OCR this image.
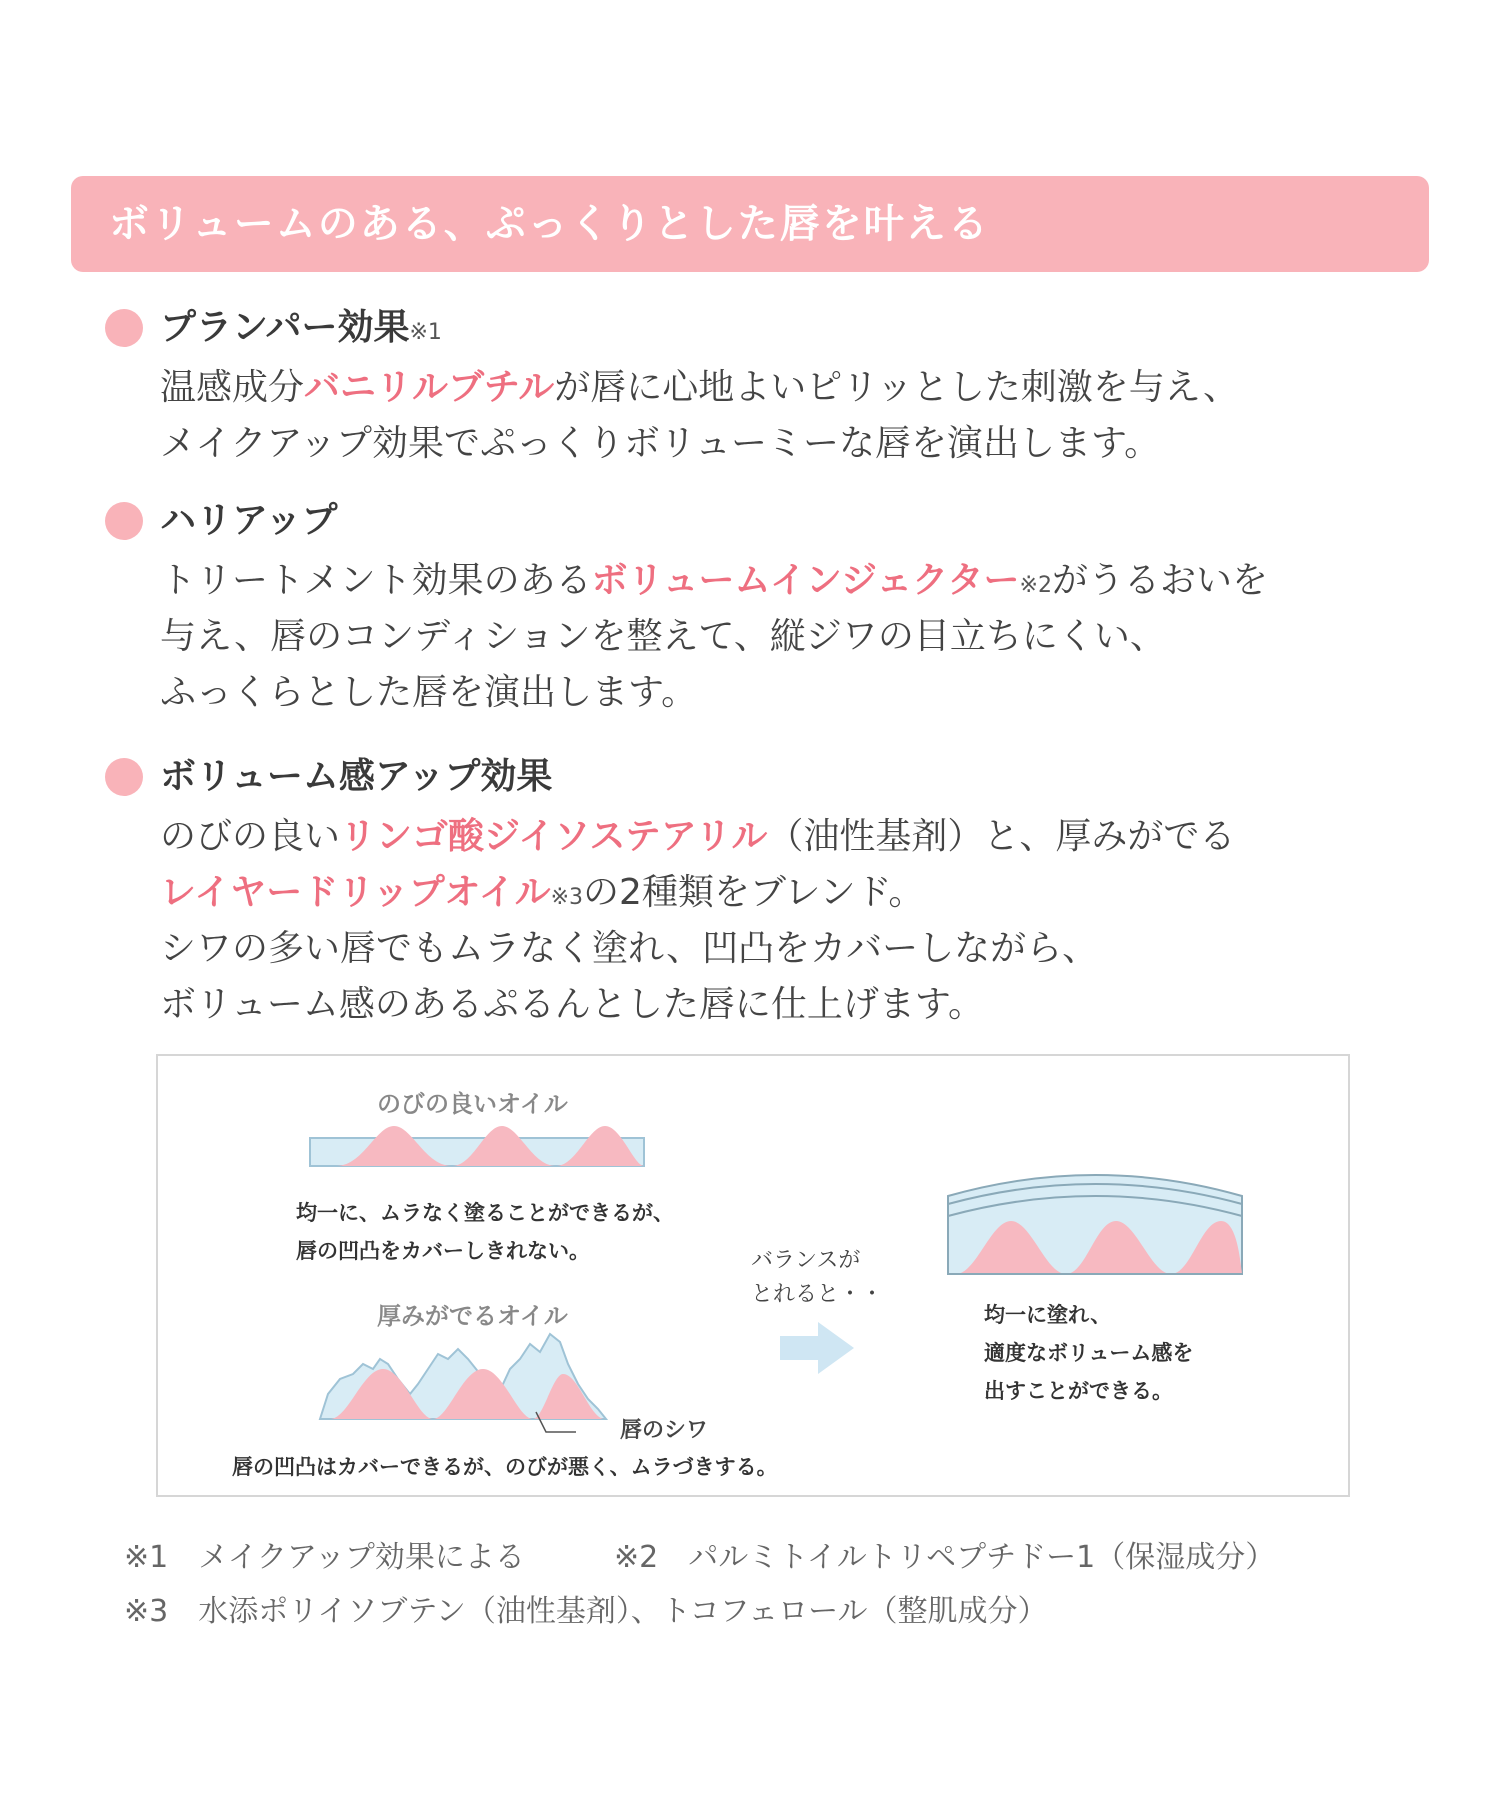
ボリュームのある、ぷっくりとした唇を叶える
プランパー効果※1
温感成分バニリルブチルが唇に心地よいピリッとした刺激を与え、
メイクアップ効果でぷっくりボリューミーな唇を演出します。
ハリアップ
トリートメント効果のあるボリュームインジェクター※2がうるおいを
与え、唇のコンディションを整えて、縦ジワの目立ちにくい、
ふっくらとした唇を演出します。
ボリューム感アップ効果
のびの良いリンゴ酸ジイソステアリル（油性基剤）と、厚みがでる
レイヤードリップオイル※3の2種類をブレンド。
シワの多い唇でもムラなく塗れ、凹凸をカバーしながら、
ボリューム感のあるぷるんとした唇に仕上げます。
のびの良いオイル
均一に、ムラなく塗ることができるが、
唇の凹凸をカバーしきれない。
厚みがでるオイル
唇のシワ
唇の凹凸はカバーできるが、のびが悪く、ムラづきする。
バランスが
とれると・・
均一に塗れ、
適度なボリューム感を
出すことができる。
※1　メイクアップ効果による	※2　パルミトイルトリペプチドー1（保湿成分）
※3　水添ポリイソブテン（油性基剤）、トコフェロール（整肌成分）
